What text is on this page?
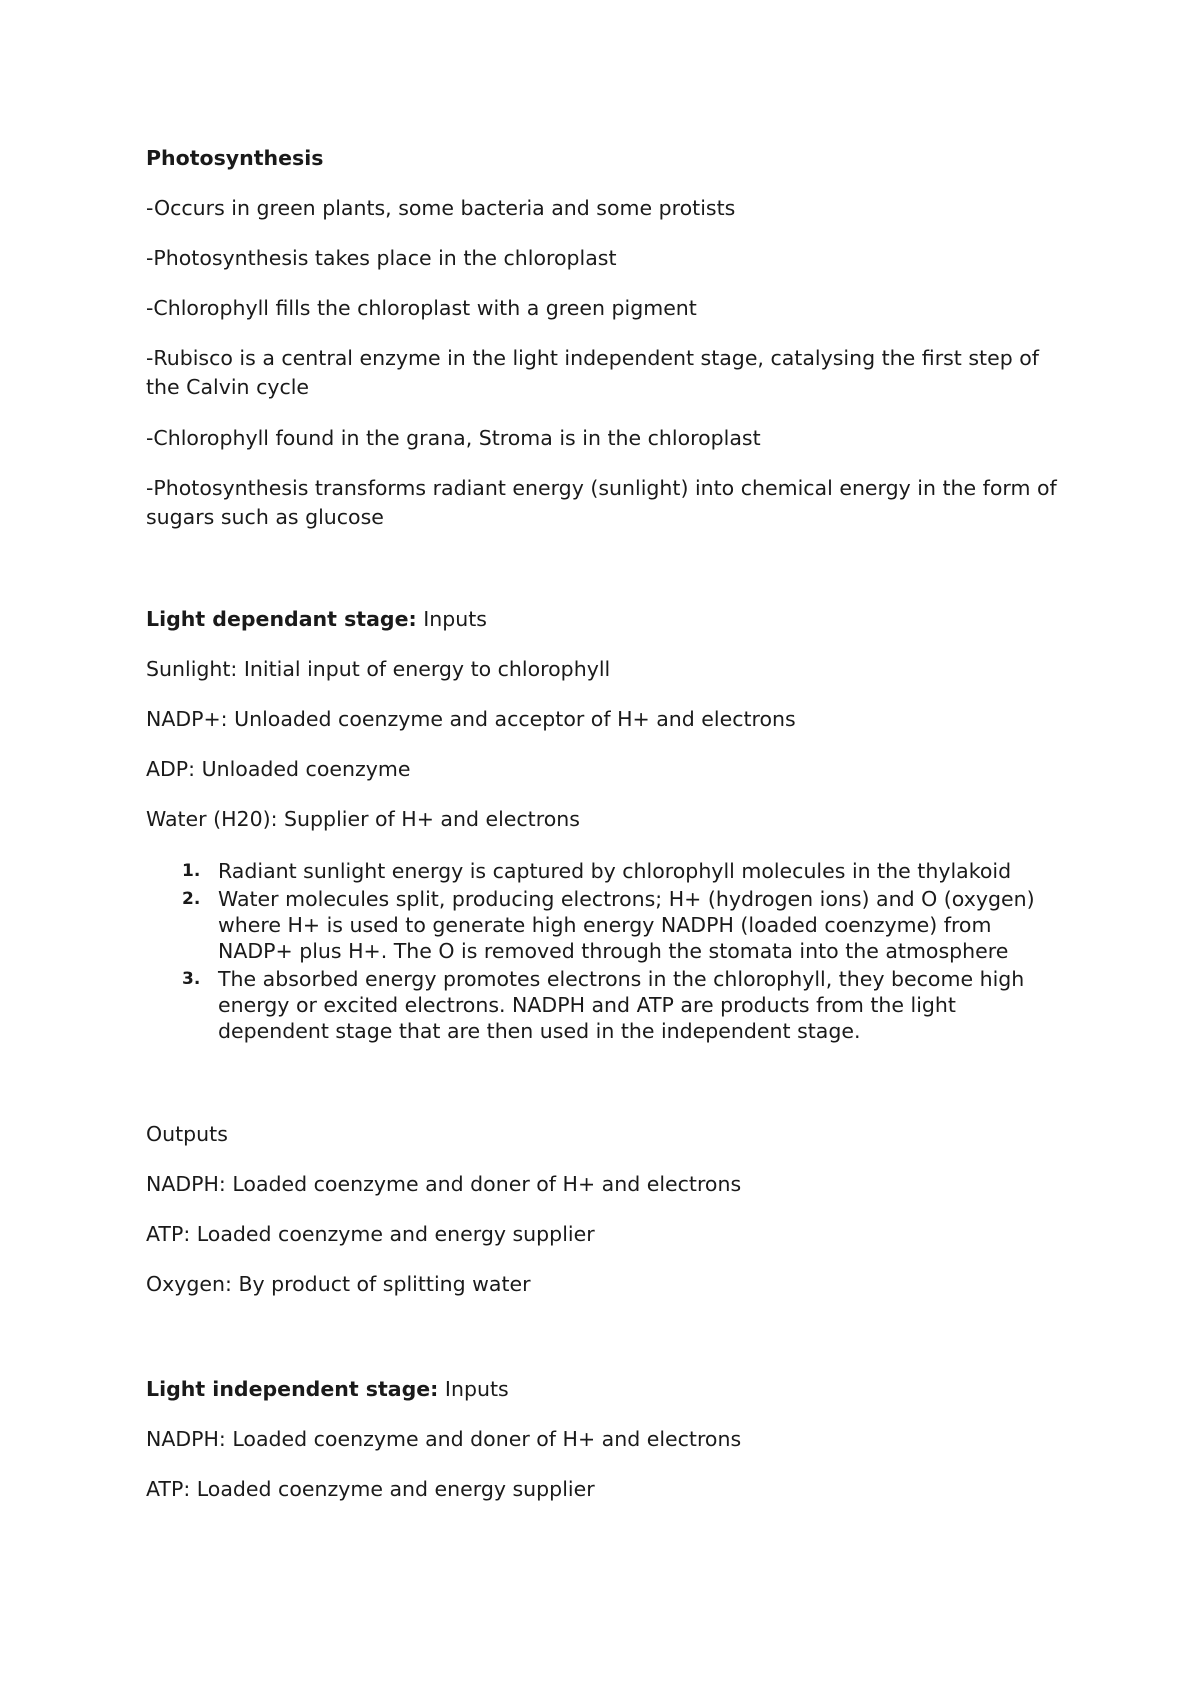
Photosynthesis
-Occurs in green plants, some bacteria and some protists
-Photosynthesis takes place in the chloroplast
-Chlorophyll fills the chloroplast with a green pigment
-Rubisco is a central enzyme in the light independent stage, catalysing the first step of the Calvin cycle
-Chlorophyll found in the grana, Stroma is in the chloroplast
-Photosynthesis transforms radiant energy (sunlight) into chemical energy in the form of sugars such as glucose
Light dependant stage: Inputs
Sunlight: Initial input of energy to chlorophyll
NADP+: Unloaded coenzyme and acceptor of H+ and electrons
ADP: Unloaded coenzyme
Water (H20): Supplier of H+ and electrons
1. Radiant sunlight energy is captured by chlorophyll molecules in the thylakoid
2. Water molecules split, producing electrons; H+ (hydrogen ions) and O (oxygen) where H+ is used to generate high energy NADPH (loaded coenzyme) from NADP+ plus H+. The O is removed through the stomata into the atmosphere
3. The absorbed energy promotes electrons in the chlorophyll, they become high energy or excited electrons. NADPH and ATP are products from the light dependent stage that are then used in the independent stage.
Outputs
NADPH: Loaded coenzyme and doner of H+ and electrons
ATP: Loaded coenzyme and energy supplier
Oxygen: By product of splitting water
Light independent stage: Inputs
NADPH: Loaded coenzyme and doner of H+ and electrons
ATP: Loaded coenzyme and energy supplier
